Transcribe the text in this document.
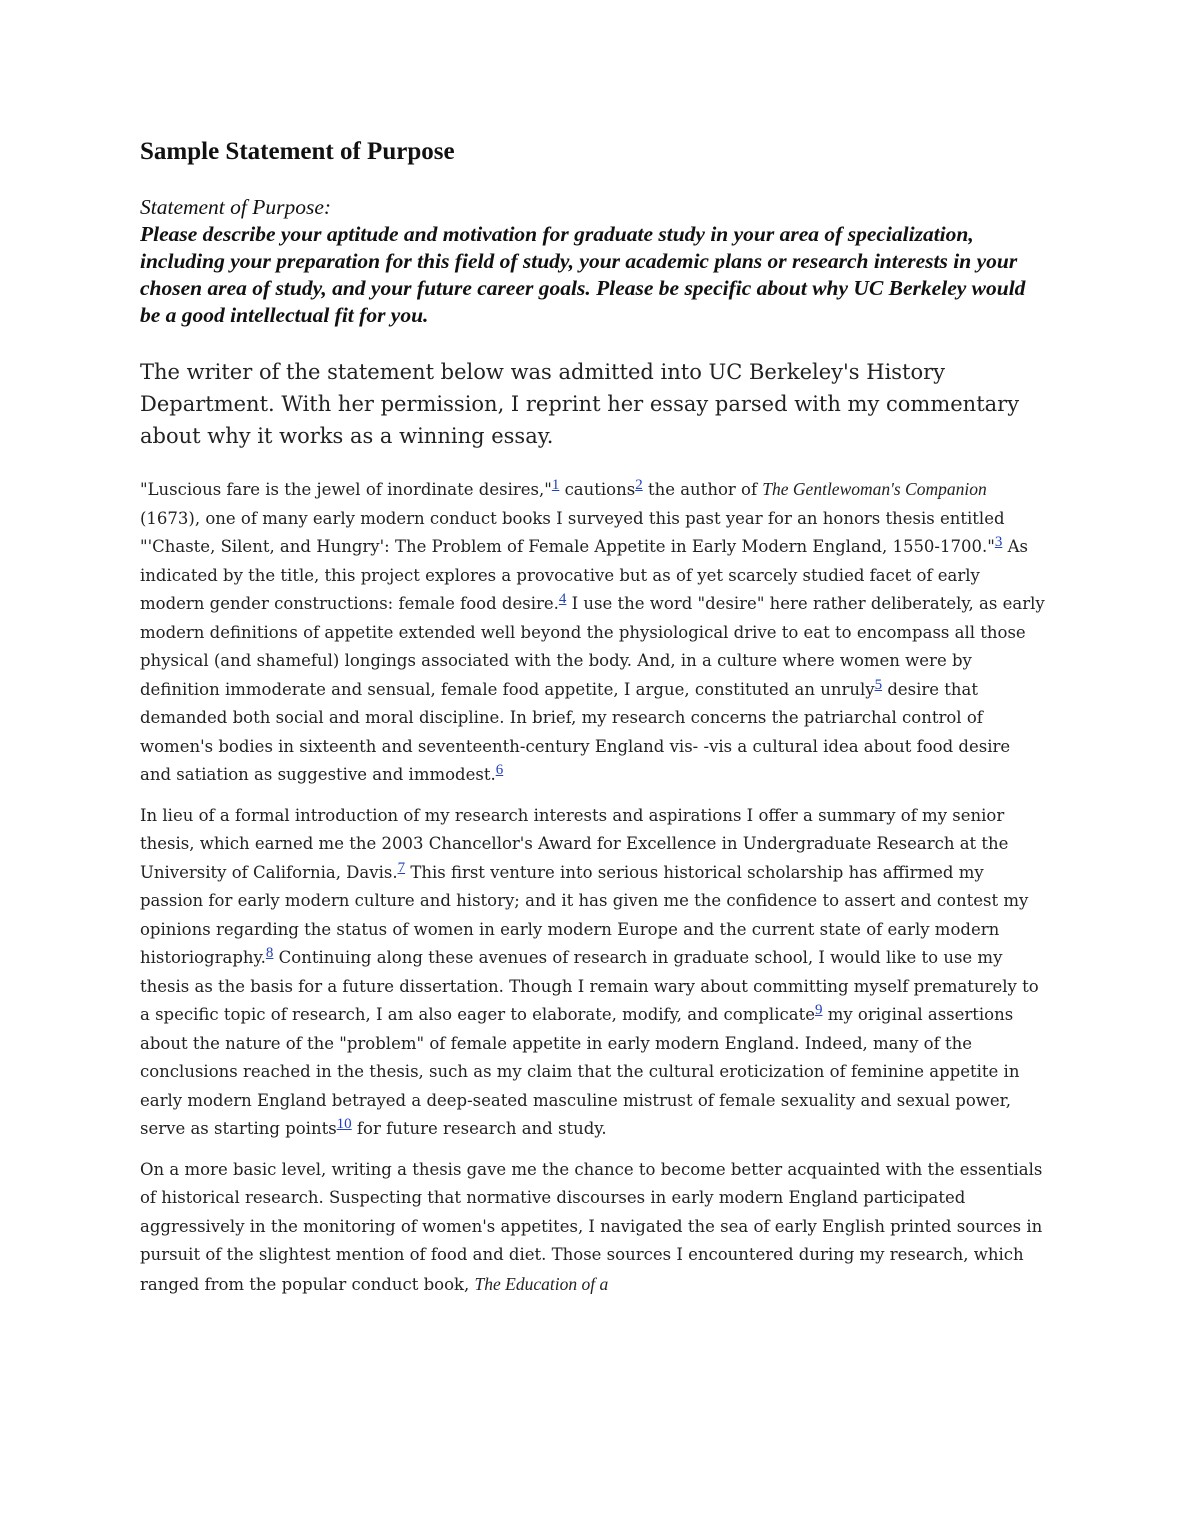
Sample Statement of Purpose
Statement of Purpose:
Please describe your aptitude and motivation for graduate study in your area of specialization, including your preparation for this field of study, your academic plans or research interests in your chosen area of study, and your future career goals. Please be specific about why UC Berkeley would be a good intellectual fit for you.

The writer of the statement below was admitted into UC Berkeley's History Department. With her permission, I reprint her essay parsed with my commentary about why it works as a winning essay.

"Luscious fare is the jewel of inordinate desires,"1 cautions2 the author of The Gentlewoman's Companion (1673), one of many early modern conduct books I surveyed this past year for an honors thesis entitled "'Chaste, Silent, and Hungry': The Problem of Female Appetite in Early Modern England, 1550-1700."3 As indicated by the title, this project explores a provocative but as of yet scarcely studied facet of early modern gender constructions: female food desire.4 I use the word "desire" here rather deliberately, as early modern definitions of appetite extended well beyond the physiological drive to eat to encompass all those physical (and shameful) longings associated with the body. And, in a culture where women were by definition immoderate and sensual, female food appetite, I argue, constituted an unruly5 desire that demanded both social and moral discipline. In brief, my research concerns the patriarchal control of women's bodies in sixteenth and seventeenth-century England vis- -vis a cultural idea about food desire and satiation as suggestive and immodest.6

In lieu of a formal introduction of my research interests and aspirations I offer a summary of my senior thesis, which earned me the 2003 Chancellor's Award for Excellence in Undergraduate Research at the University of California, Davis.7 This first venture into serious historical scholarship has affirmed my passion for early modern culture and history; and it has given me the confidence to assert and contest my opinions regarding the status of women in early modern Europe and the current state of early modern historiography.8 Continuing along these avenues of research in graduate school, I would like to use my thesis as the basis for a future dissertation. Though I remain wary about committing myself prematurely to a specific topic of research, I am also eager to elaborate, modify, and complicate9 my original assertions about the nature of the "problem" of female appetite in early modern England. Indeed, many of the conclusions reached in the thesis, such as my claim that the cultural eroticization of feminine appetite in early modern England betrayed a deep-seated masculine mistrust of female sexuality and sexual power, serve as starting points10 for future research and study.

On a more basic level, writing a thesis gave me the chance to become better acquainted with the essentials of historical research. Suspecting that normative discourses in early modern England participated aggressively in the monitoring of women's appetites, I navigated the sea of early English printed sources in pursuit of the slightest mention of food and diet. Those sources I encountered during my research, which ranged from the popular conduct book, The Education of a
